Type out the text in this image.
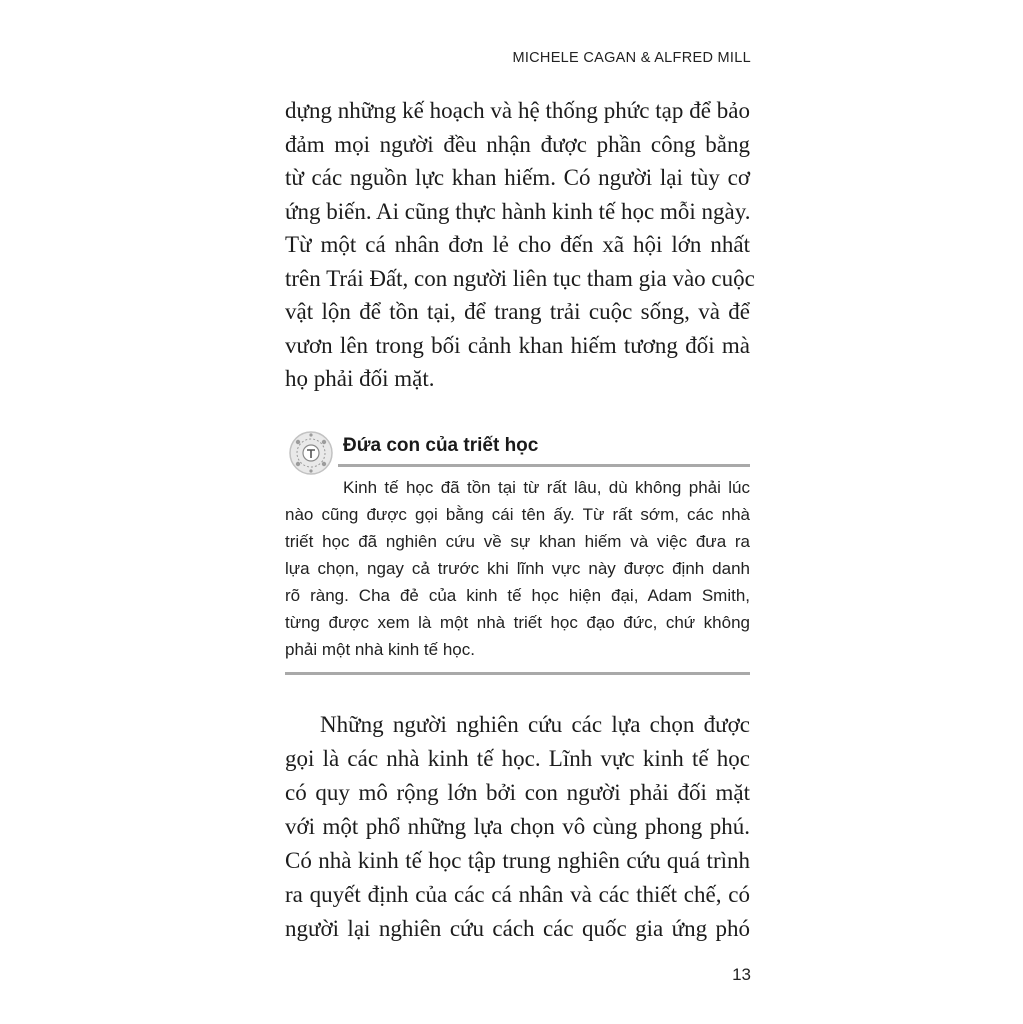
MICHELE CAGAN & ALFRED MILL
dựng những kế hoạch và hệ thống phức tạp để bảo
đảm mọi người đều nhận được phần công bằng
từ các nguồn lực khan hiếm. Có người lại tùy cơ
ứng biến. Ai cũng thực hành kinh tế học mỗi ngày.
Từ một cá nhân đơn lẻ cho đến xã hội lớn nhất
trên Trái Đất, con người liên tục tham gia vào cuộc
vật lộn để tồn tại, để trang trải cuộc sống, và để
vươn lên trong bối cảnh khan hiếm tương đối mà
họ phải đối mặt.
Đứa con của triết học
Kinh tế học đã tồn tại từ rất lâu, dù không phải lúc
nào cũng được gọi bằng cái tên ấy. Từ rất sớm, các nhà
triết học đã nghiên cứu về sự khan hiếm và việc đưa ra
lựa chọn, ngay cả trước khi lĩnh vực này được định danh
rõ ràng. Cha đẻ của kinh tế học hiện đại, Adam Smith,
từng được xem là một nhà triết học đạo đức, chứ không
phải một nhà kinh tế học.
Những người nghiên cứu các lựa chọn được
gọi là các nhà kinh tế học. Lĩnh vực kinh tế học
có quy mô rộng lớn bởi con người phải đối mặt
với một phổ những lựa chọn vô cùng phong phú.
Có nhà kinh tế học tập trung nghiên cứu quá trình
ra quyết định của các cá nhân và các thiết chế, có
người lại nghiên cứu cách các quốc gia ứng phó
13
